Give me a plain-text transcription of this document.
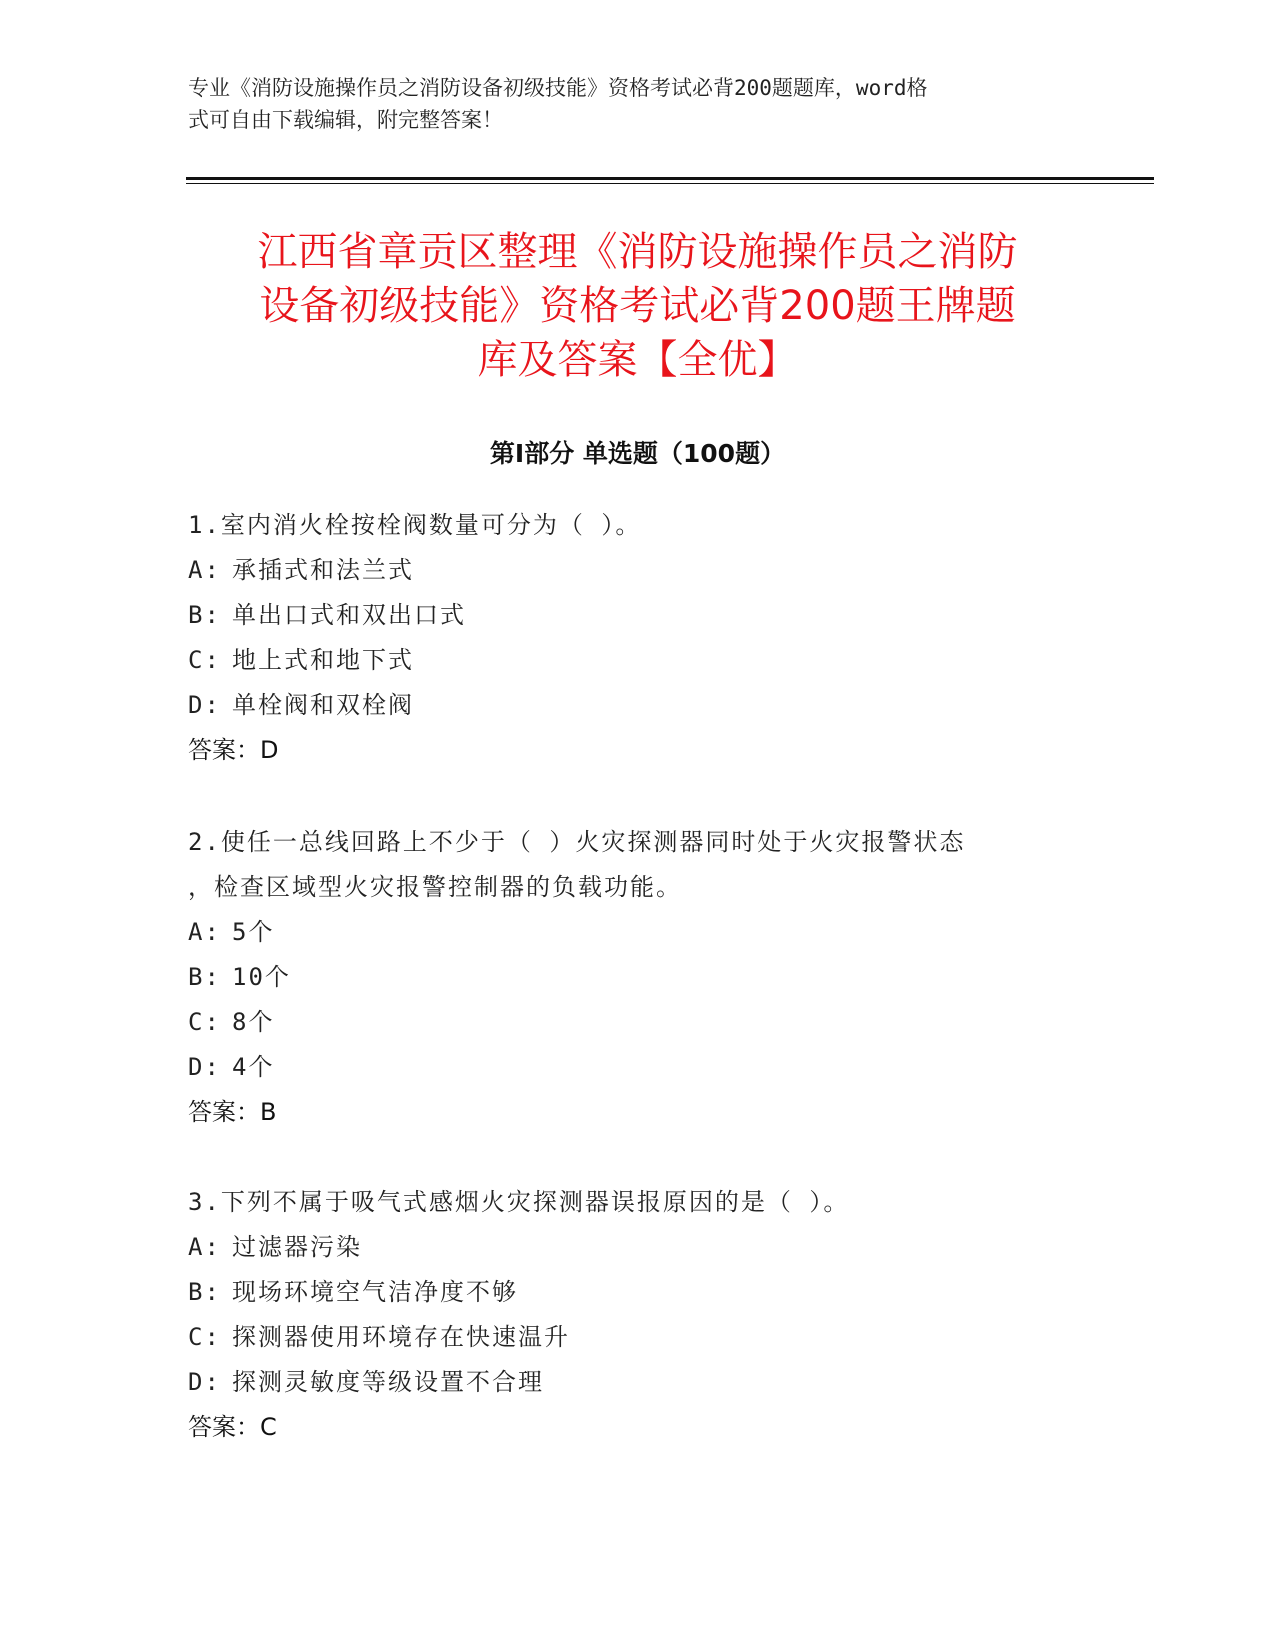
专业《消防设施操作员之消防设备初级技能》资格考试必背200题题库，word格
式可自由下载编辑，附完整答案！
江西省章贡区整理《消防设施操作员之消防
设备初级技能》资格考试必背200题王牌题
库及答案【全优】
第Ⅰ部分 单选题（100题）
1.室内消火栓按栓阀数量可分为（ ）。
A: 承插式和法兰式
B: 单出口式和双出口式
C: 地上式和地下式
D: 单栓阀和双栓阀
答案：D
2.使任一总线回路上不少于（ ）火灾探测器同时处于火灾报警状态
，检查区域型火灾报警控制器的负载功能。
A: 5个
B: 10个
C: 8个
D: 4个
答案：B
3.下列不属于吸气式感烟火灾探测器误报原因的是（ ）。
A: 过滤器污染
B: 现场环境空气洁净度不够
C: 探测器使用环境存在快速温升
D: 探测灵敏度等级设置不合理
答案：C
